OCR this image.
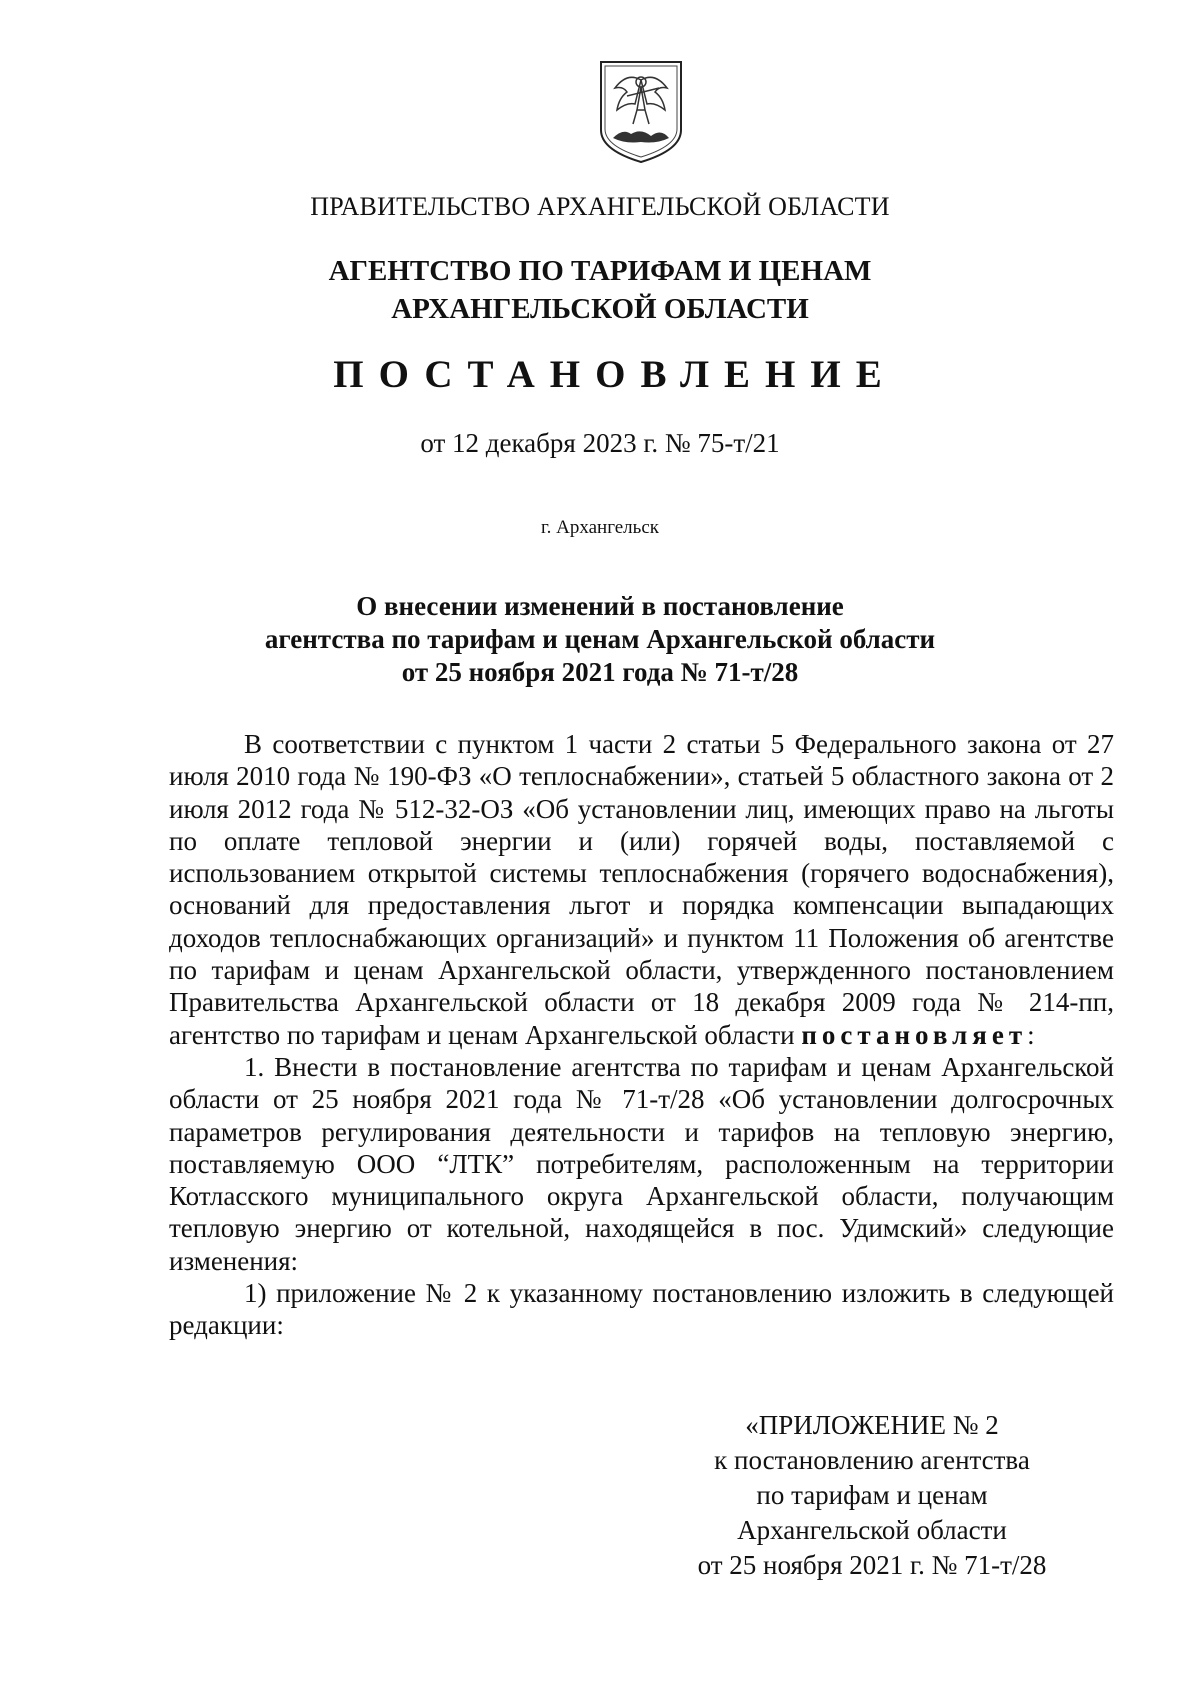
ПРАВИТЕЛЬСТВО АРХАНГЕЛЬСКОЙ ОБЛАСТИ
АГЕНТСТВО ПО ТАРИФАМ И ЦЕНАМ
АРХАНГЕЛЬСКОЙ ОБЛАСТИ
ПОСТАНОВЛЕНИЕ
от 12 декабря 2023 г. № 75-т/21
г. Архангельск
О внесении изменений в постановление
агентства по тарифам и ценам Архангельской области
от 25 ноября 2021 года № 71-т/28

В соответствии с пунктом 1 части 2 статьи 5 Федерального закона от 27 июля 2010 года № 190-ФЗ «О теплоснабжении», статьей 5 областного закона от 2 июля 2012 года № 512-32-ОЗ «Об установлении лиц, имеющих право на льготы по оплате тепловой энергии и (или) горячей воды, поставляемой с использованием открытой системы теплоснабжения (горячего водоснабжения), оснований для предоставления льгот и порядка компенсации выпадающих доходов теплоснабжающих организаций» и пунктом 11 Положения об агентстве по тарифам и ценам Архангельской области, утвержденного постановлением Правительства Архангельской области от 18 декабря 2009 года № 214-пп, агентство по тарифам и ценам Архангельской области постановляет:

1. Внести в постановление агентства по тарифам и ценам Архангельской области от 25 ноября 2021 года № 71-т/28 «Об установлении долгосрочных параметров регулирования деятельности и тарифов на тепловую энергию, поставляемую ООО “ЛТК” потребителям, расположенным на территории Котласского муниципального округа Архангельской области, получающим тепловую энергию от котельной, находящейся в пос. Удимский» следующие изменения:

1) приложение № 2 к указанному постановлению изложить в следующей редакции:

«ПРИЛОЖЕНИЕ № 2
к постановлению агентства
по тарифам и ценам
Архангельской области
от 25 ноября 2021 г. № 71-т/28
